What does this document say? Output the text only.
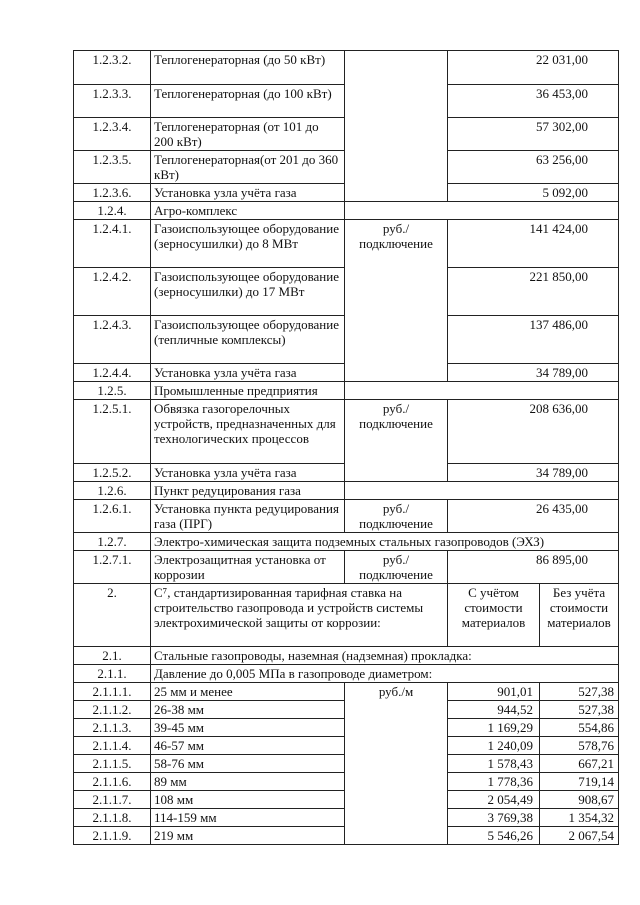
1.2.3.2.	Теплогенераторная (до 50 кВт)		22 031,00	
1.2.3.3.	Теплогенераторная (до 100 кВт)		36 453,00	
1.2.3.4.	Теплогенераторная (от 101 до 200 кВт)		57 302,00	
1.2.3.5.	Теплогенераторная(от 201 до 360 кВт)		63 256,00	
1.2.3.6.	Установка узла учёта газа		5 092,00	
1.2.4.	Агро-комплекс			
1.2.4.1.	Газоиспользующее оборудование (зерносушилки) до 8 МВт	руб./ подключение	141 424,00	
1.2.4.2.	Газоиспользующее оборудование (зерносушилки) до 17 МВт		221 850,00	
1.2.4.3.	Газоиспользующее оборудование (тепличные комплексы)		137 486,00	
1.2.4.4.	Установка узла учёта газа		34 789,00	
1.2.5.	Промышленные предприятия			
1.2.5.1.	Обвязка газогорелочных устройств, предназначенных для технологических процессов	руб./ подключение	208 636,00	
1.2.5.2.	Установка узла учёта газа		34 789,00	
1.2.6.	Пункт редуцирования газа			
1.2.6.1.	Установка пункта редуцирования газа (ПРГ)	руб./ подключение	26 435,00	
1.2.7.	Электро-химическая защита подземных стальных газопроводов (ЭХЗ)			
1.2.7.1.	Электрозащитная установка от коррозии	руб./ подключение	86 895,00	
2.	С⁷, стандартизированная тарифная ставка на строительство газопровода и устройств системы электрохимической защиты от коррозии:		С учётом стоимости материалов	Без учёта стоимости материалов
2.1.	Стальные газопроводы, наземная (надземная) прокладка:			
2.1.1.	Давление до 0,005 МПа в газопроводе диаметром:			
2.1.1.1.	25 мм и менее	руб./м	901,01	527,38
2.1.1.2.	26-38 мм		944,52	527,38
2.1.1.3.	39-45 мм		1 169,29	554,86
2.1.1.4.	46-57 мм		1 240,09	578,76
2.1.1.5.	58-76 мм		1 578,43	667,21
2.1.1.6.	89 мм		1 778,36	719,14
2.1.1.7.	108 мм		2 054,49	908,67
2.1.1.8.	114-159 мм		3 769,38	1 354,32
2.1.1.9.	219 мм		5 546,26	2 067,54
